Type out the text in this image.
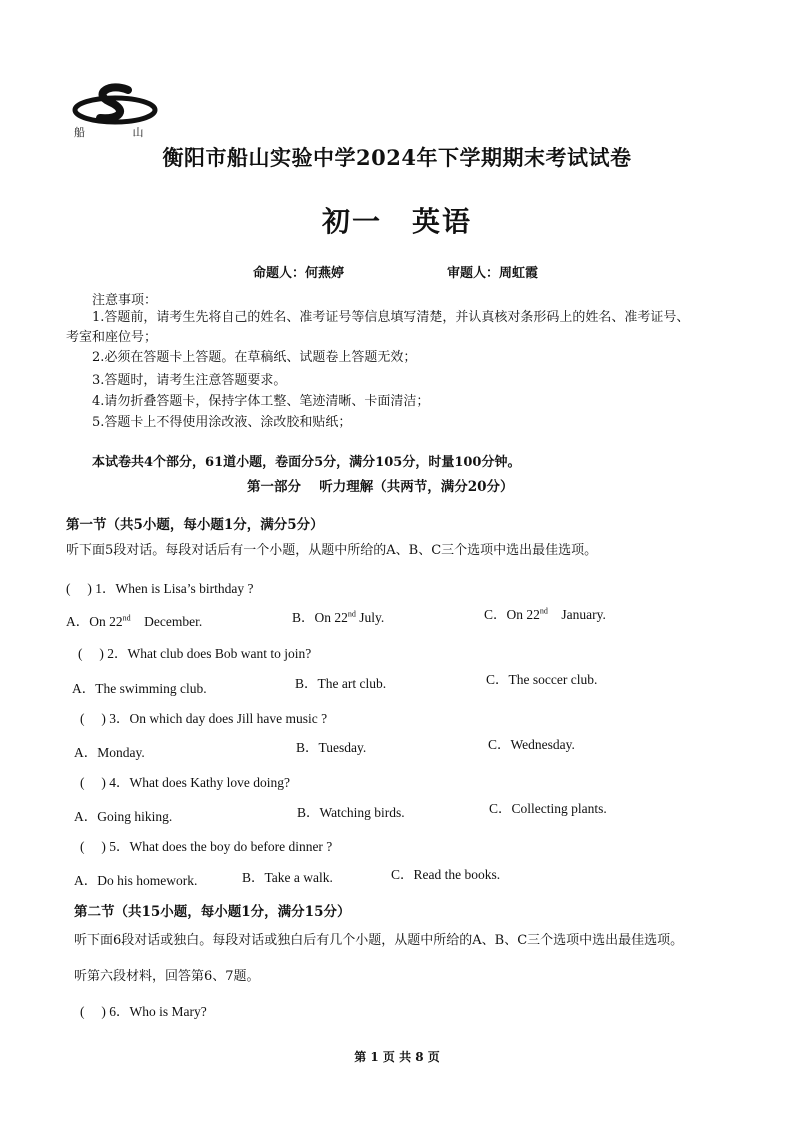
船 山
衡阳市船山实验中学2024年下学期期末考试试卷
初一　英语
命题人：何燕婷	审题人：周虹霞
注意事项：
1.答题前，请考生先将自己的姓名、准考证号等信息填写清楚，并认真核对条形码上的姓名、准考证号、
考室和座位号；
2.必须在答题卡上答题。在草稿纸、试题卷上答题无效；
3.答题时，请考生注意答题要求。
4.请勿折叠答题卡，保持字体工整、笔迹清晰、卡面清洁；
5.答题卡上不得使用涂改液、涂改胶和贴纸；
本试卷共4个部分，61道小题，卷面分5分，满分105分，时量100分钟。
第一部分　 听力理解（共两节，满分20分）
第一节（共5小题，每小题1分，满分5分）
听下面5段对话。每段对话后有一个小题，从题中所给的A、B、C三个选项中选出最佳选项。
(　 ) 1．When is Lisa’s birthday ?
A．On 22nd　December.	B．On 22nd July.	C．On 22nd　January.
(　 ) 2．What club does Bob want to join?
A．The swimming club.	B．The art club.	C．The soccer club.
(　 ) 3．On which day does Jill have music ?
A．Monday.	B．Tuesday.	C．Wednesday.
(　 ) 4．What does Kathy love doing?
A．Going hiking.	B．Watching birds.	C．Collecting plants.
(　 ) 5．What does the boy do before dinner ?
A．Do his homework.	B．Take a walk.	C．Read the books.
第二节（共15小题，每小题1分，满分15分）
听下面6段对话或独白。每段对话或独白后有几个小题，从题中所给的A、B、C三个选项中选出最佳选项。
听第六段材料，回答第6、7题。
(　 ) 6．Who is Mary?
第 1 页 共 8 页
